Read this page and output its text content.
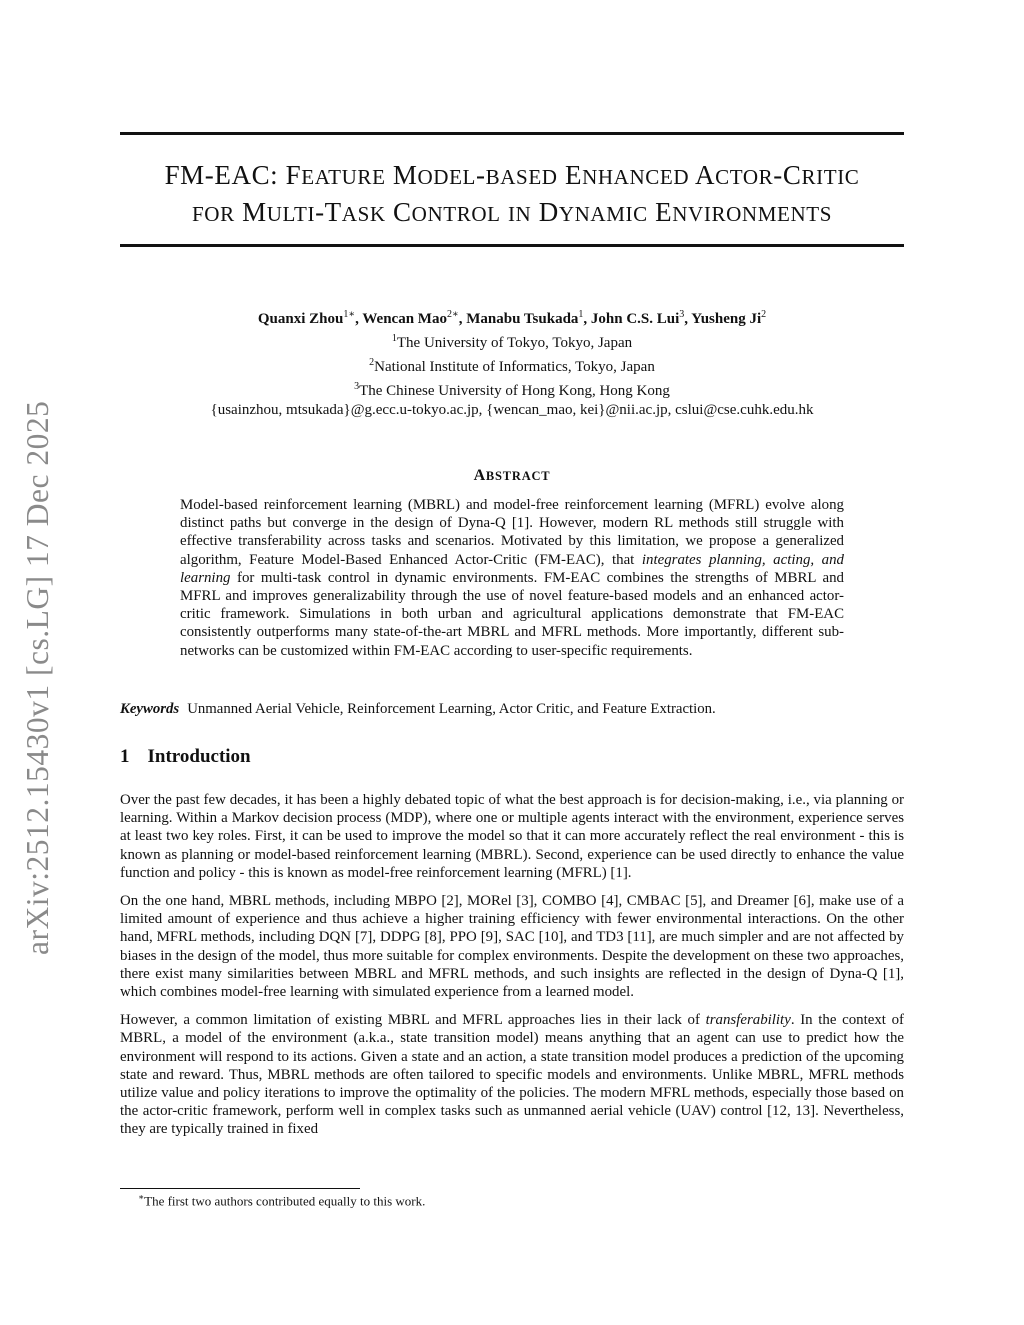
arXiv:2512.15430v1 [cs.LG] 17 Dec 2025
FM-EAC: FEATURE MODEL-BASED ENHANCED ACTOR-CRITIC
FOR MULTI-TASK CONTROL IN DYNAMIC ENVIRONMENTS
Quanxi Zhou$^{1∗}$, Wencan Mao$^{2∗}$, Manabu Tsukada$^1$, John C.S. Lui$^3$, Yusheng Ji$^2$
$^1$The University of Tokyo, Tokyo, Japan
$^2$National Institute of Informatics, Tokyo, Japan
$^3$The Chinese University of Hong Kong, Hong Kong
{usainzhou, mtsukada}@g.ecc.u-tokyo.ac.jp, {wencan_mao, kei}@nii.ac.jp, cslui@cse.cuhk.edu.hk
ABSTRACT
Model-based reinforcement learning (MBRL) and model-free reinforcement learning (MFRL) evolve along distinct paths but converge in the design of Dyna-Q [1]. However, modern RL methods still struggle with effective transferability across tasks and scenarios. Motivated by this limitation, we propose a generalized algorithm, Feature Model-Based Enhanced Actor-Critic (FM-EAC), that integrates planning, acting, and learning for multi-task control in dynamic environments. FM-EAC combines the strengths of MBRL and MFRL and improves generalizability through the use of novel feature-based models and an enhanced actor-critic framework. Simulations in both urban and agricultural applications demonstrate that FM-EAC consistently outperforms many state-of-the-art MBRL and MFRL methods. More importantly, different sub-networks can be customized within FM-EAC according to user-specific requirements.
Keywords Unmanned Aerial Vehicle, Reinforcement Learning, Actor Critic, and Feature Extraction.
1 Introduction

Over the past few decades, it has been a highly debated topic of what the best approach is for decision-making, i.e., via planning or learning. Within a Markov decision process (MDP), where one or multiple agents interact with the environment, experience serves at least two key roles. First, it can be used to improve the model so that it can more accurately reflect the real environment - this is known as planning or model-based reinforcement learning (MBRL). Second, experience can be used directly to enhance the value function and policy - this is known as model-free reinforcement learning (MFRL) [1].

On the one hand, MBRL methods, including MBPO [2], MORel [3], COMBO [4], CMBAC [5], and Dreamer [6], make use of a limited amount of experience and thus achieve a higher training efficiency with fewer environmental interactions. On the other hand, MFRL methods, including DQN [7], DDPG [8], PPO [9], SAC [10], and TD3 [11], are much simpler and are not affected by biases in the design of the model, thus more suitable for complex environments. Despite the development on these two approaches, there exist many similarities between MBRL and MFRL methods, and such insights are reflected in the design of Dyna-Q [1], which combines model-free learning with simulated experience from a learned model.

However, a common limitation of existing MBRL and MFRL approaches lies in their lack of transferability. In the context of MBRL, a model of the environment (a.k.a., state transition model) means anything that an agent can use to predict how the environment will respond to its actions. Given a state and an action, a state transition model produces a prediction of the upcoming state and reward. Thus, MBRL methods are often tailored to specific models and environments. Unlike MBRL, MFRL methods utilize value and policy iterations to improve the optimality of the policies. The modern MFRL methods, especially those based on the actor-critic framework, perform well in complex tasks such as unmanned aerial vehicle (UAV) control [12, 13]. Nevertheless, they are typically trained in fixed

∗The first two authors contributed equally to this work.
